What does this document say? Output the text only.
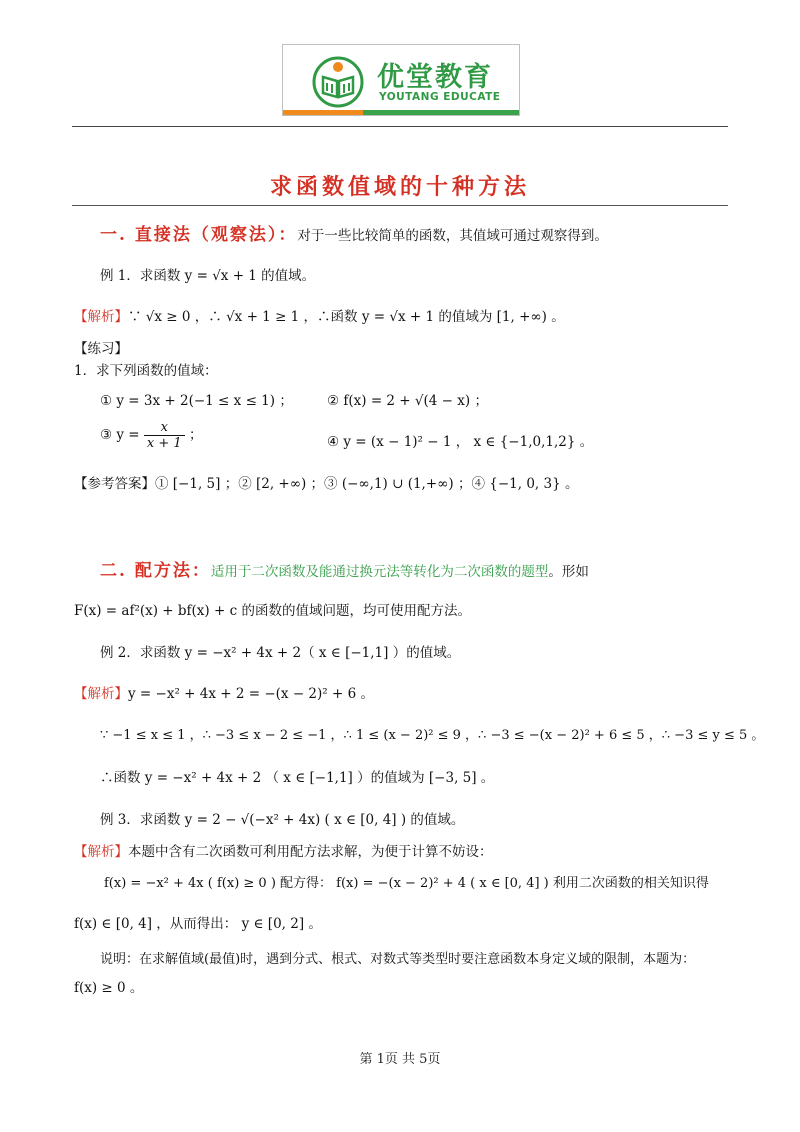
优堂教育
YOUTANG EDUCATE
求函数值域的十种方法
一. 直接法（观察法）：对于一些比较简单的函数，其值域可通过观察得到。
例 1．求函数 y = √x + 1 的值域。
【解析】∵ √x ≥ 0 ，∴ √x + 1 ≥ 1 ，∴函数 y = √x + 1 的值域为 [1, +∞) 。
【练习】
1．求下列函数的值域：
① y = 3x + 2(−1 ≤ x ≤ 1) ；	② f(x) = 2 + √(4 − x) ；
③ $y = \frac{x}{x + 1}$ ；	④ y = (x − 1)² − 1 ， x ∈ {−1,0,1,2} 。
【参考答案】① [−1, 5] ；② [2, +∞) ；③ (−∞,1) ∪ (1,+∞) ；④ {−1, 0, 3} 。
二. 配方法：适用于二次函数及能通过换元法等转化为二次函数的题型。形如
F(x) = af²(x) + bf(x) + c 的函数的值域问题，均可使用配方法。
例 2．求函数 y = −x² + 4x + 2（ x ∈ [−1,1] ）的值域。
【解析】y = −x² + 4x + 2 = −(x − 2)² + 6 。
∵ −1 ≤ x ≤ 1 ，∴ −3 ≤ x − 2 ≤ −1 ，∴ 1 ≤ (x − 2)² ≤ 9 ，∴ −3 ≤ −(x − 2)² + 6 ≤ 5 ，∴ −3 ≤ y ≤ 5 。
∴函数 y = −x² + 4x + 2 （ x ∈ [−1,1] ）的值域为 [−3, 5] 。
例 3．求函数 y = 2 − √(−x² + 4x) ( x ∈ [0, 4] ) 的值域。
【解析】本题中含有二次函数可利用配方法求解，为便于计算不妨设：
f(x) = −x² + 4x ( f(x) ≥ 0 ) 配方得： f(x) = −(x − 2)² + 4 ( x ∈ [0, 4] ) 利用二次函数的相关知识得
f(x) ∈ [0, 4] ，从而得出： y ∈ [0, 2] 。
说明：在求解值域(最值)时，遇到分式、根式、对数式等类型时要注意函数本身定义域的限制，本题为：
f(x) ≥ 0 。
第 1页 共 5页
